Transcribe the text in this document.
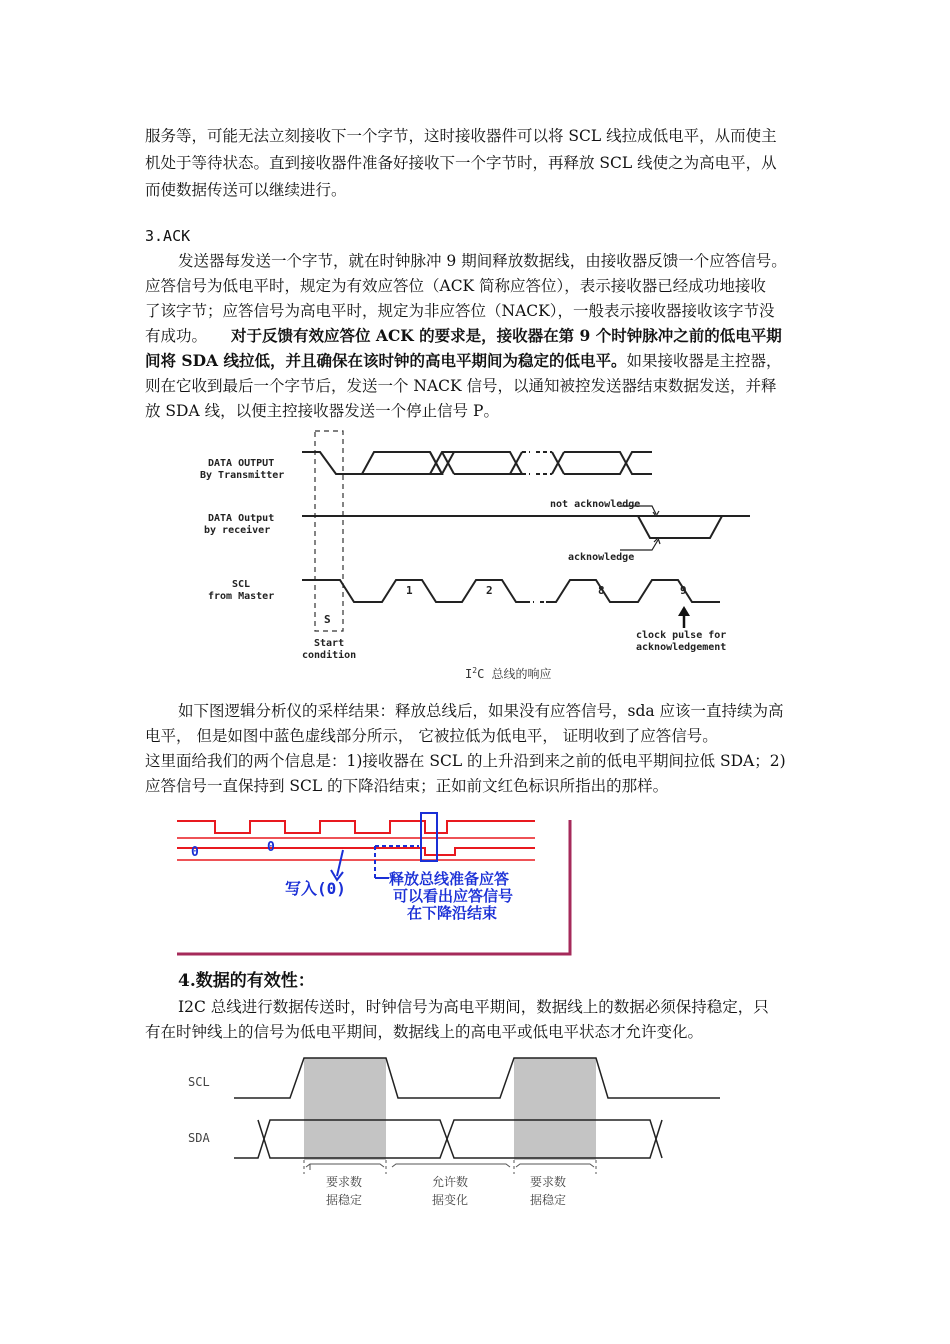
服务等，可能无法立刻接收下一个字节，这时接收器件可以将 SCL 线拉成低电平，从而使主
机处于等待状态。直到接收器件准备好接收下一个字节时，再释放 SCL 线使之为高电平，从
而使数据传送可以继续进行。
3.ACK
发送器每发送一个字节，就在时钟脉冲 9 期间释放数据线，由接收器反馈一个应答信号。
应答信号为低电平时，规定为有效应答位（ACK 简称应答位），表示接收器已经成功地接收
了该字节；应答信号为高电平时，规定为非应答位（NACK），一般表示接收器接收该字节没
有成功。 对于反馈有效应答位 ACK 的要求是，接收器在第 9 个时钟脉冲之前的低电平期
间将 SDA 线拉低，并且确保在该时钟的高电平期间为稳定的低电平。如果接收器是主控器，
则在它收到最后一个字节后，发送一个 NACK 信号，以通知被控发送器结束数据发送，并释
放 SDA 线，以便主控接收器发送一个停止信号 P。
DATA OUTPUT
By Transmitter
DATA Output
by receiver
SCL
from Master
S
Start
condition
not acknowledge
acknowledge
1	2	8	9
clock pulse for
acknowledgement
$I^2C$ 总线的响应
如下图逻辑分析仪的采样结果：释放总线后，如果没有应答信号，sda 应该一直持续为高
电平， 但是如图中蓝色虚线部分所示， 它被拉低为低电平， 证明收到了应答信号。
这里面给我们的两个信息是：1)接收器在 SCL 的上升沿到来之前的低电平期间拉低 SDA；2)
应答信号一直保持到 SCL 的下降沿结束；正如前文红色标识所指出的那样。
0	0
写入(0)	释放总线准备应答
可以看出应答信号
在下降沿结束
4.数据的有效性：
I2C 总线进行数据传送时，时钟信号为高电平期间，数据线上的数据必须保持稳定，只
有在时钟线上的信号为低电平期间，数据线上的高电平或低电平状态才允许变化。
SCL
SDA
要求数
据稳定
允许数
据变化
要求数
据稳定
